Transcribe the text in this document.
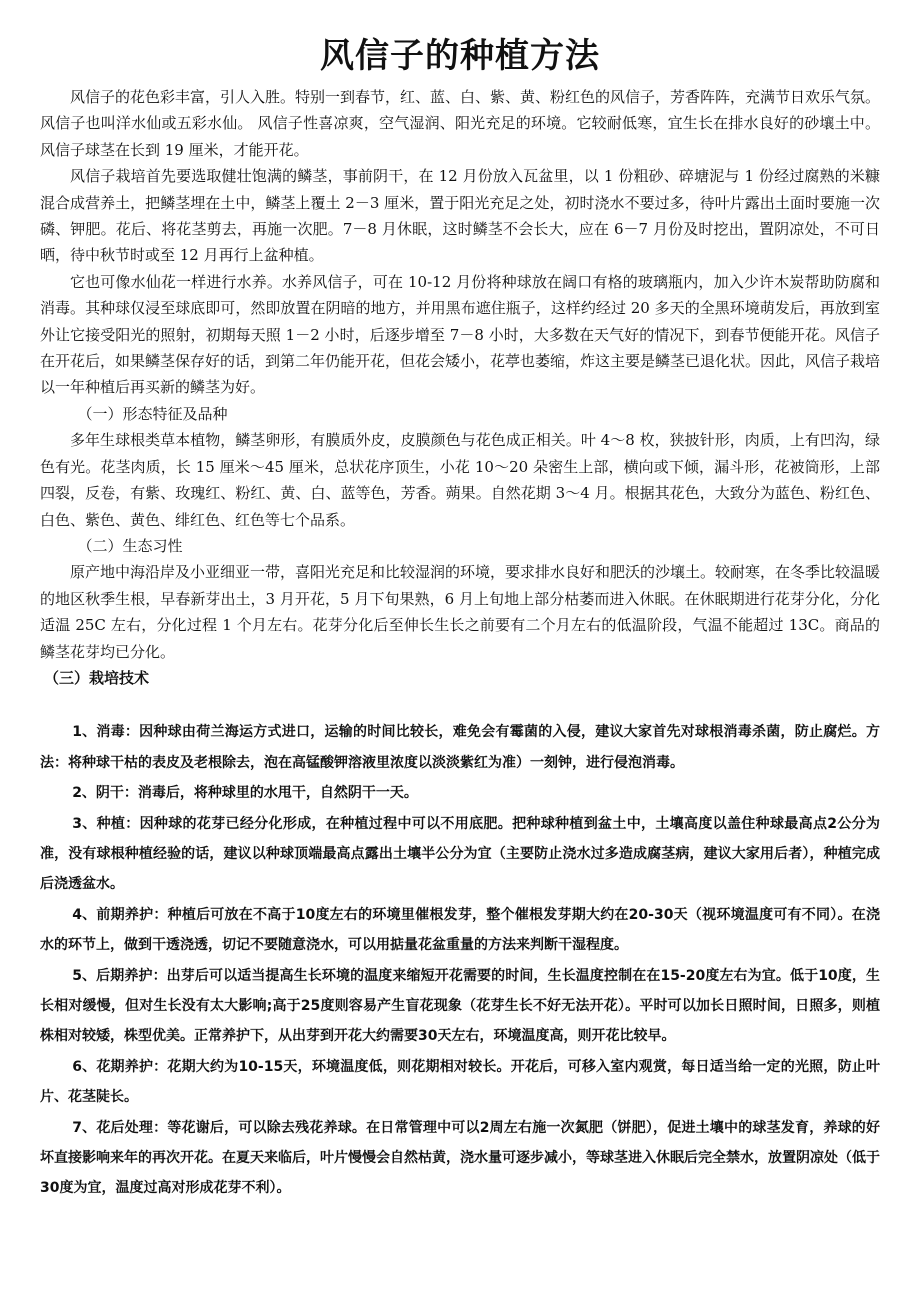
风信子的种植方法

风信子的花色彩丰富，引人入胜。特别一到春节，红、蓝、白、紫、黄、粉红色的风信子，芳香阵阵，充满节日欢乐气氛。风信子也叫洋水仙或五彩水仙。 风信子性喜凉爽，空气湿润、阳光充足的环境。它较耐低寒，宜生长在排水良好的砂壤土中。风信子球茎在长到 19 厘米，才能开花。

风信子栽培首先要选取健壮饱满的鳞茎，事前阴干，在 12 月份放入瓦盆里，以 1 份粗砂、碎塘泥与 1 份经过腐熟的米糠混合成营养土，把鳞茎埋在土中，鳞茎上覆土 2－3 厘米，置于阳光充足之处，初时浇水不要过多，待叶片露出土面时要施一次磷、钾肥。花后、将花茎剪去，再施一次肥。7－8 月休眠，这时鳞茎不会长大，应在 6－7 月份及时挖出，置阴凉处，不可日晒，待中秋节时或至 12 月再行上盆种植。

它也可像水仙花一样进行水养。水养风信子，可在 10-12 月份将种球放在阔口有格的玻璃瓶内，加入少许木炭帮助防腐和消毒。其种球仅浸至球底即可，然即放置在阴暗的地方，并用黑布遮住瓶子，这样约经过 20 多天的全黑环境萌发后，再放到室外让它接受阳光的照射，初期每天照 1－2 小时，后逐步增至 7－8 小时，大多数在天气好的情况下，到春节便能开花。风信子在开花后，如果鳞茎保存好的话，到第二年仍能开花，但花会矮小，花葶也萎缩，炸这主要是鳞茎已退化状。因此，风信子栽培以一年种植后再买新的鳞茎为好。

（一）形态特征及品种

多年生球根类草本植物，鳞茎卵形，有膜质外皮，皮膜颜色与花色成正相关。叶 4～8 枚，狭披针形，肉质，上有凹沟，绿色有光。花茎肉质，长 15 厘米～45 厘米，总状花序顶生，小花 10～20 朵密生上部，横向或下倾，漏斗形，花被筒形，上部四裂，反卷，有紫、玫瑰红、粉红、黄、白、蓝等色，芳香。蒴果。自然花期 3～4 月。根据其花色，大致分为蓝色、粉红色、白色、紫色、黄色、绯红色、红色等七个品系。

（二）生态习性

原产地中海沿岸及小亚细亚一带，喜阳光充足和比较湿润的环境，要求排水良好和肥沃的沙壤土。较耐寒，在冬季比较温暖的地区秋季生根，早春新芽出土，3 月开花，5 月下旬果熟，6 月上旬地上部分枯萎而进入休眠。在休眠期进行花芽分化，分化适温 25C 左右，分化过程 1 个月左右。花芽分化后至伸长生长之前要有二个月左右的低温阶段，气温不能超过 13C。商品的鳞茎花芽均已分化。

（三）栽培技术

1、消毒：因种球由荷兰海运方式进口，运输的时间比较长，难免会有霉菌的入侵，建议大家首先对球根消毒杀菌，防止腐烂。方法：将种球干枯的表皮及老根除去，泡在高锰酸钾溶液里浓度以淡淡紫红为准）一刻钟，进行侵泡消毒。

2、阴干：消毒后，将种球里的水甩干，自然阴干一天。

3、种植：因种球的花芽已经分化形成，在种植过程中可以不用底肥。把种球种植到盆土中，土壤高度以盖住种球最高点2公分为准，没有球根种植经验的话，建议以种球顶端最高点露出土壤半公分为宜（主要防止浇水过多造成腐茎病，建议大家用后者），种植完成后浇透盆水。

4、前期养护：种植后可放在不高于10度左右的环境里催根发芽，整个催根发芽期大约在20-30天（视环境温度可有不同）。在浇水的环节上，做到干透浇透，切记不要随意浇水，可以用掂量花盆重量的方法来判断干湿程度。

5、后期养护：出芽后可以适当提高生长环境的温度来缩短开花需要的时间，生长温度控制在在15-20度左右为宜。低于10度，生长相对缓慢，但对生长没有太大影响;高于25度则容易产生盲花现象（花芽生长不好无法开花）。平时可以加长日照时间，日照多，则植株相对较矮，株型优美。正常养护下，从出芽到开花大约需要30天左右，环境温度高，则开花比较早。

6、花期养护：花期大约为10-15天，环境温度低，则花期相对较长。开花后，可移入室内观赏，每日适当给一定的光照，防止叶片、花茎陡长。

7、花后处理：等花谢后，可以除去残花养球。在日常管理中可以2周左右施一次氮肥（饼肥），促进土壤中的球茎发育，养球的好坏直接影响来年的再次开花。在夏天来临后，叶片慢慢会自然枯黄，浇水量可逐步减小，等球茎进入休眠后完全禁水，放置阴凉处（低于30度为宜，温度过高对形成花芽不利）。
